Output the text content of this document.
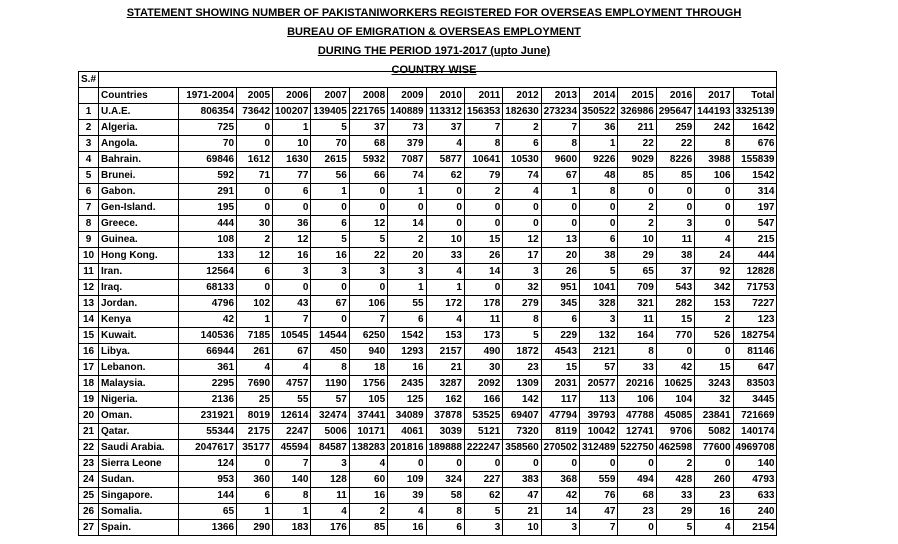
STATEMENT SHOWING NUMBER OF PAKISTANIWORKERS REGISTERED FOR OVERSEAS EMPLOYMENT THROUGH
BUREAU OF EMIGRATION & OVERSEAS EMPLOYMENT
DURING THE PERIOD 1971-2017 (upto June)
COUNTRY WISE
S.#																
	Countries	1971-2004	2005	2006	2007	2008	2009	2010	2011	2012	2013	2014	2015	2016	2017	Total
1	U.A.E.	806354	73642	100207	139405	221765	140889	113312	156353	182630	273234	350522	326986	295647	144193	3325139
2	Algeria.	725	0	1	5	37	73	37	7	2	7	36	211	259	242	1642
3	Angola.	70	0	10	70	68	379	4	8	6	8	1	22	22	8	676
4	Bahrain.	69846	1612	1630	2615	5932	7087	5877	10641	10530	9600	9226	9029	8226	3988	155839
5	Brunei.	592	71	77	56	66	74	62	79	74	67	48	85	85	106	1542
6	Gabon.	291	0	6	1	0	1	0	2	4	1	8	0	0	0	314
7	Gen-Island.	195	0	0	0	0	0	0	0	0	0	0	2	0	0	197
8	Greece.	444	30	36	6	12	14	0	0	0	0	0	2	3	0	547
9	Guinea.	108	2	12	5	5	2	10	15	12	13	6	10	11	4	215
10	Hong Kong.	133	12	16	16	22	20	33	26	17	20	38	29	38	24	444
11	Iran.	12564	6	3	3	3	3	4	14	3	26	5	65	37	92	12828
12	Iraq.	68133	0	0	0	0	1	1	0	32	951	1041	709	543	342	71753
13	Jordan.	4796	102	43	67	106	55	172	178	279	345	328	321	282	153	7227
14	Kenya	42	1	7	0	7	6	4	11	8	6	3	11	15	2	123
15	Kuwait.	140536	7185	10545	14544	6250	1542	153	173	5	229	132	164	770	526	182754
16	Libya.	66944	261	67	450	940	1293	2157	490	1872	4543	2121	8	0	0	81146
17	Lebanon.	361	4	4	8	18	16	21	30	23	15	57	33	42	15	647
18	Malaysia.	2295	7690	4757	1190	1756	2435	3287	2092	1309	2031	20577	20216	10625	3243	83503
19	Nigeria.	2136	25	55	57	105	125	162	166	142	117	113	106	104	32	3445
20	Oman.	231921	8019	12614	32474	37441	34089	37878	53525	69407	47794	39793	47788	45085	23841	721669
21	Qatar.	55344	2175	2247	5006	10171	4061	3039	5121	7320	8119	10042	12741	9706	5082	140174
22	Saudi Arabia.	2047617	35177	45594	84587	138283	201816	189888	222247	358560	270502	312489	522750	462598	77600	4969708
23	Sierra Leone	124	0	7	3	4	0	0	0	0	0	0	0	2	0	140
24	Sudan.	953	360	140	128	60	109	324	227	383	368	559	494	428	260	4793
25	Singapore.	144	6	8	11	16	39	58	62	47	42	76	68	33	23	633
26	Somalia.	65	1	1	4	2	4	8	5	21	14	47	23	29	16	240
27	Spain.	1366	290	183	176	85	16	6	3	10	3	7	0	5	4	2154
